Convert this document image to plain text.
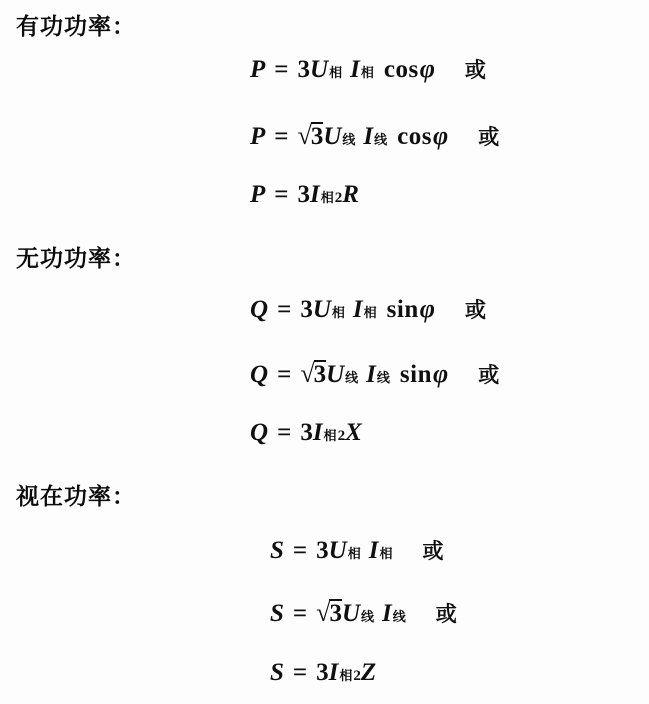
有功功率：
P = 3 U 相 I 相 cos φ 或
P = √ 3 U 线 I 线 cos φ 或
P = 3 I 相 2 R
无功功率：
Q = 3 U 相 I 相 sin φ 或
Q = √ 3 U 线 I 线 sin φ 或
Q = 3 I 相 2 X
视在功率：
S = 3 U 相 I 相 或
S = √ 3 U 线 I 线 或
S = 3 I 相 2 Z
